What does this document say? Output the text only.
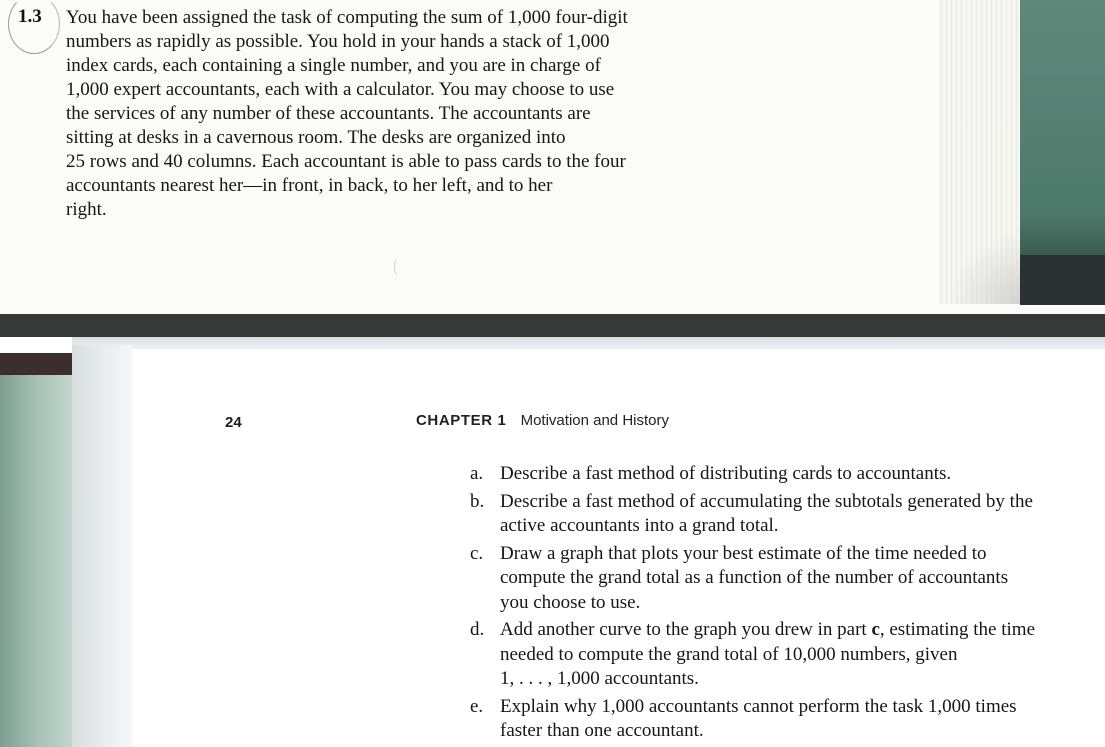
1.3 You have been assigned the task of computing the sum of 1,000 four-digit
numbers as rapidly as possible. You hold in your hands a stack of 1,000
index cards, each containing a single number, and you are in charge of
1,000 expert accountants, each with a calculator. You may choose to use
the services of any number of these accountants. The accountants are
sitting at desks in a cavernous room. The desks are organized into
25 rows and 40 columns. Each accountant is able to pass cards to the four
accountants nearest her—in front, in back, to her left, and to her
right.

24	CHAPTER 1 Motivation and History
a. Describe a fast method of distributing cards to accountants.
b. Describe a fast method of accumulating the subtotals generated by the
active accountants into a grand total.
c. Draw a graph that plots your best estimate of the time needed to
compute the grand total as a function of the number of accountants
you choose to use.
d. Add another curve to the graph you drew in part c, estimating the time
needed to compute the grand total of 10,000 numbers, given
1, . . . , 1,000 accountants.
e. Explain why 1,000 accountants cannot perform the task 1,000 times
faster than one accountant.
